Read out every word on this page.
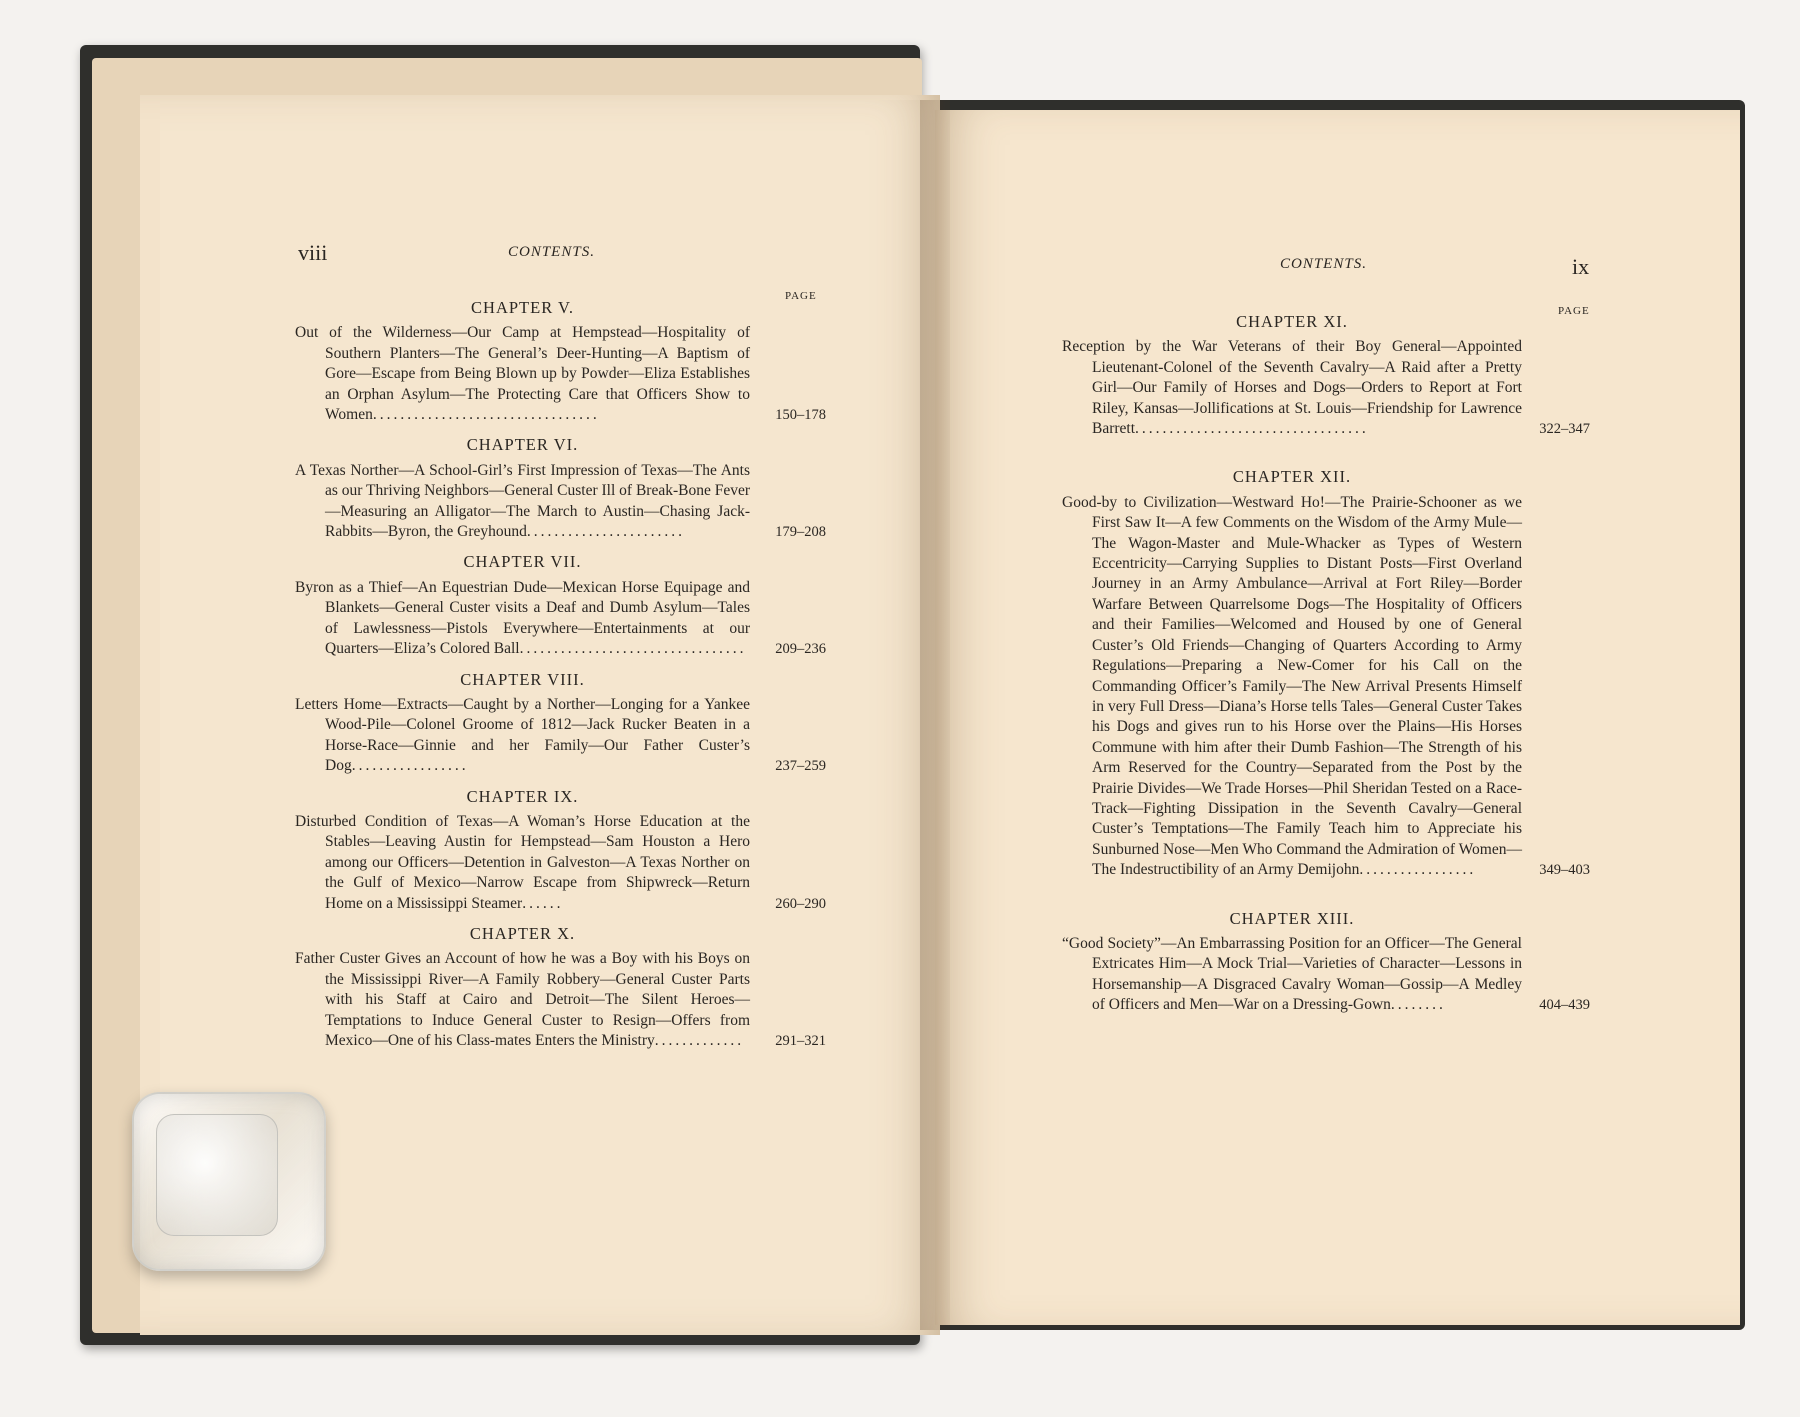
viii	CONTENTS.
PAGE
CHAPTER V.
Out of the Wilderness—Our Camp at Hempstead—Hospitality of Southern Planters—The General’s Deer-Hunting—A Baptism of Gore—Escape from Being Blown up by Powder—Eliza Establishes an Orphan Asylum—The Protecting Care that Officers Show to Women.................................	150–178
CHAPTER VI.
A Texas Norther—A School-Girl’s First Impression of Texas—The Ants as our Thriving Neighbors—General Custer Ill of Break-Bone Fever—Measuring an Alligator—The March to Austin—Chasing Jack-Rabbits—Byron, the Greyhound.......................	179–208
CHAPTER VII.
Byron as a Thief—An Equestrian Dude—Mexican Horse Equipage and Blankets—General Custer visits a Deaf and Dumb Asylum—Tales of Lawlessness—Pistols Everywhere—Entertainments at our Quarters—Eliza’s Colored Ball................................. 209–236
CHAPTER VIII.
Letters Home—Extracts—Caught by a Norther—Longing for a Yankee Wood-Pile—Colonel Groome of 1812—Jack Rucker Beaten in a Horse-Race—Ginnie and her Family—Our Father Custer’s Dog.................	237–259
CHAPTER IX.
Disturbed Condition of Texas—A Woman’s Horse Education at the Stables—Leaving Austin for Hempstead—Sam Houston a Hero among our Officers—Detention in Galveston—A Texas Norther on the Gulf of Mexico—Narrow Escape from Shipwreck—Return Home on a Mississippi Steamer......	260–290
CHAPTER X.
Father Custer Gives an Account of how he was a Boy with his Boys on the Mississippi River—A Family Robbery—General Custer Parts with his Staff at Cairo and Detroit—The Silent Heroes—Temptations to Induce General Custer to Resign—Offers from Mexico—One of his Class-mates Enters the Ministry............. 291–321
CONTENTS.	ix
PAGE
CHAPTER XI.
Reception by the War Veterans of their Boy General—Appointed Lieutenant-Colonel of the Seventh Cavalry—A Raid after a Pretty Girl—Our Family of Horses and Dogs—Orders to Report at Fort Riley, Kansas—Jollifications at St. Louis—Friendship for Lawrence Barrett..................................	322–347
CHAPTER XII.
Good-by to Civilization—Westward Ho!—The Prairie-Schooner as we First Saw It—A few Comments on the Wisdom of the Army Mule—The Wagon-Master and Mule-Whacker as Types of Western Eccentricity—Carrying Supplies to Distant Posts—First Overland Journey in an Army Ambulance—Arrival at Fort Riley—Border Warfare Between Quarrelsome Dogs—The Hospitality of Officers and their Families—Welcomed and Housed by one of General Custer’s Old Friends—Changing of Quarters According to Army Regulations—Preparing a New-Comer for his Call on the Commanding Officer’s Family—The New Arrival Presents Himself in very Full Dress—Diana’s Horse tells Tales—General Custer Takes his Dogs and gives run to his Horse over the Plains—His Horses Commune with him after their Dumb Fashion—The Strength of his Arm Reserved for the Country—Separated from the Post by the Prairie Divides—We Trade Horses—Phil Sheridan Tested on a Race-Track—Fighting Dissipation in the Seventh Cavalry—General Custer’s Temptations—The Family Teach him to Appreciate his Sunburned Nose—Men Who Command the Admiration of Women—The Indestructibility of an Army Demijohn.................	349–403
CHAPTER XIII.
“Good Society”—An Embarrassing Position for an Officer—The General Extricates Him—A Mock Trial—Varieties of Character—Lessons in Horsemanship—A Disgraced Cavalry Woman—Gossip—A Medley of Officers and Men—War on a Dressing-Gown........	404–439
